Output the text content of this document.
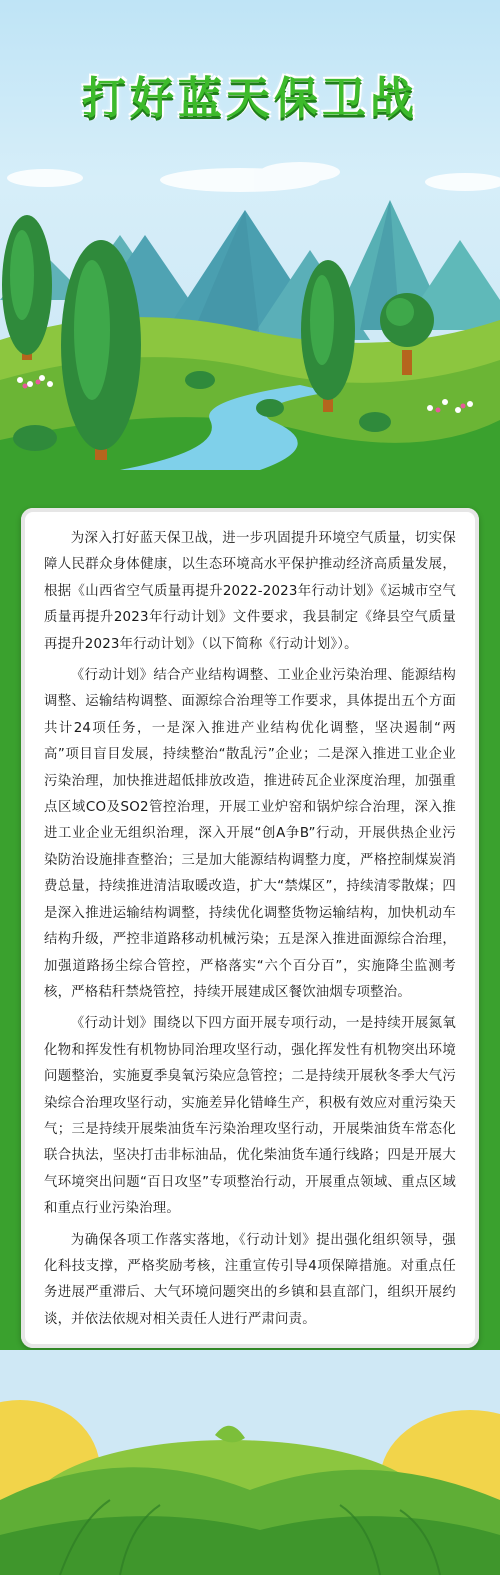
打好蓝天保卫战

为深入打好蓝天保卫战，进一步巩固提升环境空气质量，切实保障人民群众身体健康，以生态环境高水平保护推动经济高质量发展，根据《山西省空气质量再提升2022-2023年行动计划》《运城市空气质量再提升2023年行动计划》文件要求，我县制定《绛县空气质量再提升2023年行动计划》（以下简称《行动计划》）。

《行动计划》结合产业结构调整、工业企业污染治理、能源结构调整、运输结构调整、面源综合治理等工作要求，具体提出五个方面共计24项任务，一是深入推进产业结构优化调整，坚决遏制“两高”项目盲目发展，持续整治“散乱污”企业；二是深入推进工业企业污染治理，加快推进超低排放改造，推进砖瓦企业深度治理，加强重点区域CO及SO2管控治理，开展工业炉窑和锅炉综合治理，深入推进工业企业无组织治理，深入开展“创A争B”行动，开展供热企业污染防治设施排查整治；三是加大能源结构调整力度，严格控制煤炭消费总量，持续推进清洁取暖改造，扩大“禁煤区”，持续清零散煤；四是深入推进运输结构调整，持续优化调整货物运输结构，加快机动车结构升级，严控非道路移动机械污染；五是深入推进面源综合治理，加强道路扬尘综合管控，严格落实“六个百分百”，实施降尘监测考核，严格秸秆禁烧管控，持续开展建成区餐饮油烟专项整治。

《行动计划》围绕以下四方面开展专项行动，一是持续开展氮氧化物和挥发性有机物协同治理攻坚行动，强化挥发性有机物突出环境问题整治，实施夏季臭氧污染应急管控；二是持续开展秋冬季大气污染综合治理攻坚行动，实施差异化错峰生产，积极有效应对重污染天气；三是持续开展柴油货车污染治理攻坚行动，开展柴油货车常态化联合执法，坚决打击非标油品，优化柴油货车通行线路；四是开展大气环境突出问题“百日攻坚”专项整治行动，开展重点领域、重点区域和重点行业污染治理。

为确保各项工作落实落地，《行动计划》提出强化组织领导，强化科技支撑，严格奖励考核，注重宣传引导4项保障措施。对重点任务进展严重滞后、大气环境问题突出的乡镇和县直部门，组织开展约谈，并依法依规对相关责任人进行严肃问责。
